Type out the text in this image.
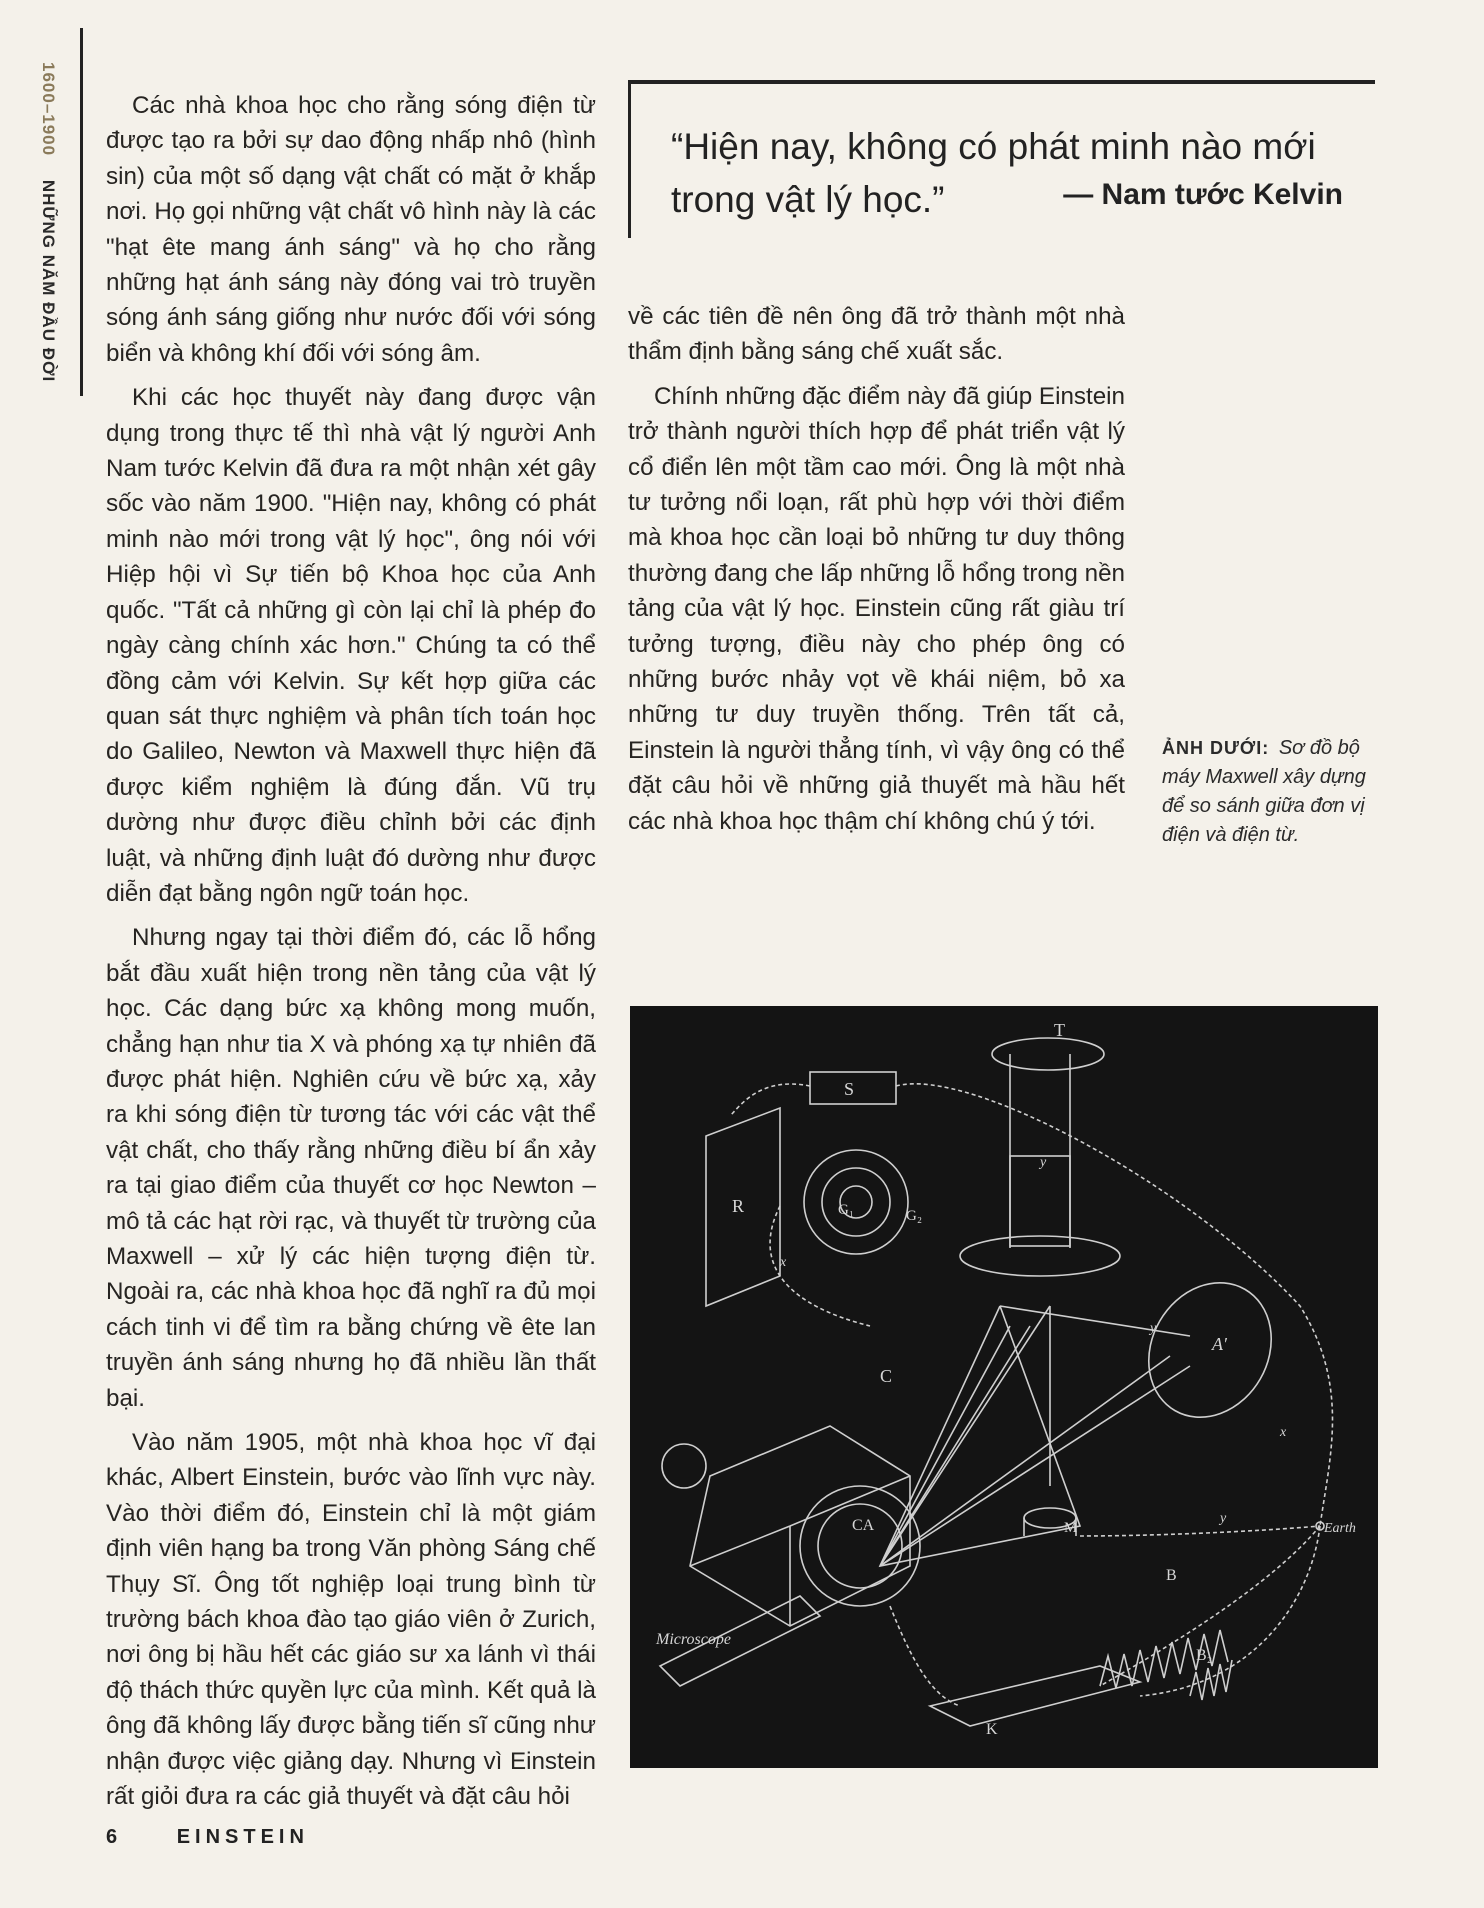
1600–1900 NHỮNG NĂM ĐẦU ĐỜI

Các nhà khoa học cho rằng sóng điện từ được tạo ra bởi sự dao động nhấp nhô (hình sin) của một số dạng vật chất có mặt ở khắp nơi. Họ gọi những vật chất vô hình này là các "hạt ête mang ánh sáng" và họ cho rằng những hạt ánh sáng này đóng vai trò truyền sóng ánh sáng giống như nước đối với sóng biển và không khí đối với sóng âm.

Khi các học thuyết này đang được vận dụng trong thực tế thì nhà vật lý người Anh Nam tước Kelvin đã đưa ra một nhận xét gây sốc vào năm 1900. "Hiện nay, không có phát minh nào mới trong vật lý học", ông nói với Hiệp hội vì Sự tiến bộ Khoa học của Anh quốc. "Tất cả những gì còn lại chỉ là phép đo ngày càng chính xác hơn." Chúng ta có thể đồng cảm với Kelvin. Sự kết hợp giữa các quan sát thực nghiệm và phân tích toán học do Galileo, Newton và Maxwell thực hiện đã được kiểm nghiệm là đúng đắn. Vũ trụ dường như được điều chỉnh bởi các định luật, và những định luật đó dường như được diễn đạt bằng ngôn ngữ toán học.

Nhưng ngay tại thời điểm đó, các lỗ hổng bắt đầu xuất hiện trong nền tảng của vật lý học. Các dạng bức xạ không mong muốn, chẳng hạn như tia X và phóng xạ tự nhiên đã được phát hiện. Nghiên cứu về bức xạ, xảy ra khi sóng điện từ tương tác với các vật thể vật chất, cho thấy rằng những điều bí ẩn xảy ra tại giao điểm của thuyết cơ học Newton – mô tả các hạt rời rạc, và thuyết từ trường của Maxwell – xử lý các hiện tượng điện từ. Ngoài ra, các nhà khoa học đã nghĩ ra đủ mọi cách tinh vi để tìm ra bằng chứng về ête lan truyền ánh sáng nhưng họ đã nhiều lần thất bại.

Vào năm 1905, một nhà khoa học vĩ đại khác, Albert Einstein, bước vào lĩnh vực này. Vào thời điểm đó, Einstein chỉ là một giám định viên hạng ba trong Văn phòng Sáng chế Thụy Sĩ. Ông tốt nghiệp loại trung bình từ trường bách khoa đào tạo giáo viên ở Zurich, nơi ông bị hầu hết các giáo sư xa lánh vì thái độ thách thức quyền lực của mình. Kết quả là ông đã không lấy được bằng tiến sĩ cũng như nhận được việc giảng dạy. Nhưng vì Einstein rất giỏi đưa ra các giả thuyết và đặt câu hỏi

“Hiện nay, không có phát minh nào mới trong vật lý học.”	— Nam tước Kelvin

về các tiên đề nên ông đã trở thành một nhà thẩm định bằng sáng chế xuất sắc.

Chính những đặc điểm này đã giúp Einstein trở thành người thích hợp để phát triển vật lý cổ điển lên một tầm cao mới. Ông là một nhà tư tưởng nổi loạn, rất phù hợp với thời điểm mà khoa học cần loại bỏ những tư duy thông thường đang che lấp những lỗ hổng trong nền tảng của vật lý học. Einstein cũng rất giàu trí tưởng tượng, điều này cho phép ông có những bước nhảy vọt về khái niệm, bỏ xa những tư duy truyền thống. Trên tất cả, Einstein là người thẳng tính, vì vậy ông có thể đặt câu hỏi về những giả thuyết mà hầu hết các nhà khoa học thậm chí không chú ý tới.

ẢNH DƯỚI: Sơ đồ bộ máy Maxwell xây dựng để so sánh giữa đơn vị điện và điện từ.
T
S
R	G₁	G₂
A′
C
CA	M	Earth
B
B₂
K
Microscope
x
x
y
y
y
6	EINSTEIN
